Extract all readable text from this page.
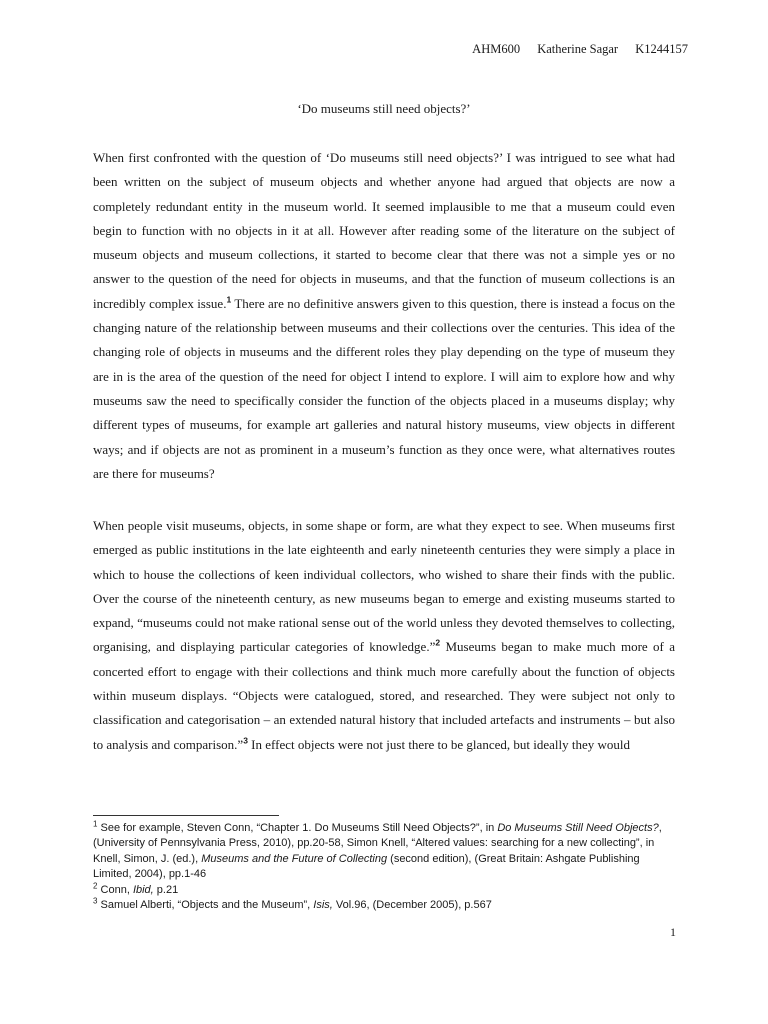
AHM600 Katherine Sagar K1244157
‘Do museums still need objects?’

When first confronted with the question of ‘Do museums still need objects?’ I was intrigued to see what had been written on the subject of museum objects and whether anyone had argued that objects are now a completely redundant entity in the museum world. It seemed implausible to me that a museum could even begin to function with no objects in it at all. However after reading some of the literature on the subject of museum objects and museum collections, it started to become clear that there was not a simple yes or no answer to the question of the need for objects in museums, and that the function of museum collections is an incredibly complex issue.$^1$ There are no definitive answers given to this question, there is instead a focus on the changing nature of the relationship between museums and their collections over the centuries. This idea of the changing role of objects in museums and the different roles they play depending on the type of museum they are in is the area of the question of the need for object I intend to explore. I will aim to explore how and why museums saw the need to specifically consider the function of the objects placed in a museums display; why different types of museums, for example art galleries and natural history museums, view objects in different ways; and if objects are not as prominent in a museum’s function as they once were, what alternatives routes are there for museums?

When people visit museums, objects, in some shape or form, are what they expect to see. When museums first emerged as public institutions in the late eighteenth and early nineteenth centuries they were simply a place in which to house the collections of keen individual collectors, who wished to share their finds with the public. Over the course of the nineteenth century, as new museums began to emerge and existing museums started to expand, “museums could not make rational sense out of the world unless they devoted themselves to collecting, organising, and displaying particular categories of knowledge.”$^2$ Museums began to make much more of a concerted effort to engage with their collections and think much more carefully about the function of objects within museum displays. “Objects were catalogued, stored, and researched. They were subject not only to classification and categorisation – an extended natural history that included artefacts and instruments – but also to analysis and comparison.”$^3$ In effect objects were not just there to be glanced, but ideally they would

$^1$ See for example, Steven Conn, “Chapter 1. Do Museums Still Need Objects?”, in Do Museums Still Need Objects?, (University of Pennsylvania Press, 2010), pp.20-58, Simon Knell, “Altered values: searching for a new collecting”, in Knell, Simon, J. (ed.), Museums and the Future of Collecting (second edition), (Great Britain: Ashgate Publishing Limited, 2004), pp.1-46

$^2$ Conn, Ibid, p.21

$^3$ Samuel Alberti, “Objects and the Museum”, Isis, Vol.96, (December 2005), p.567

1
